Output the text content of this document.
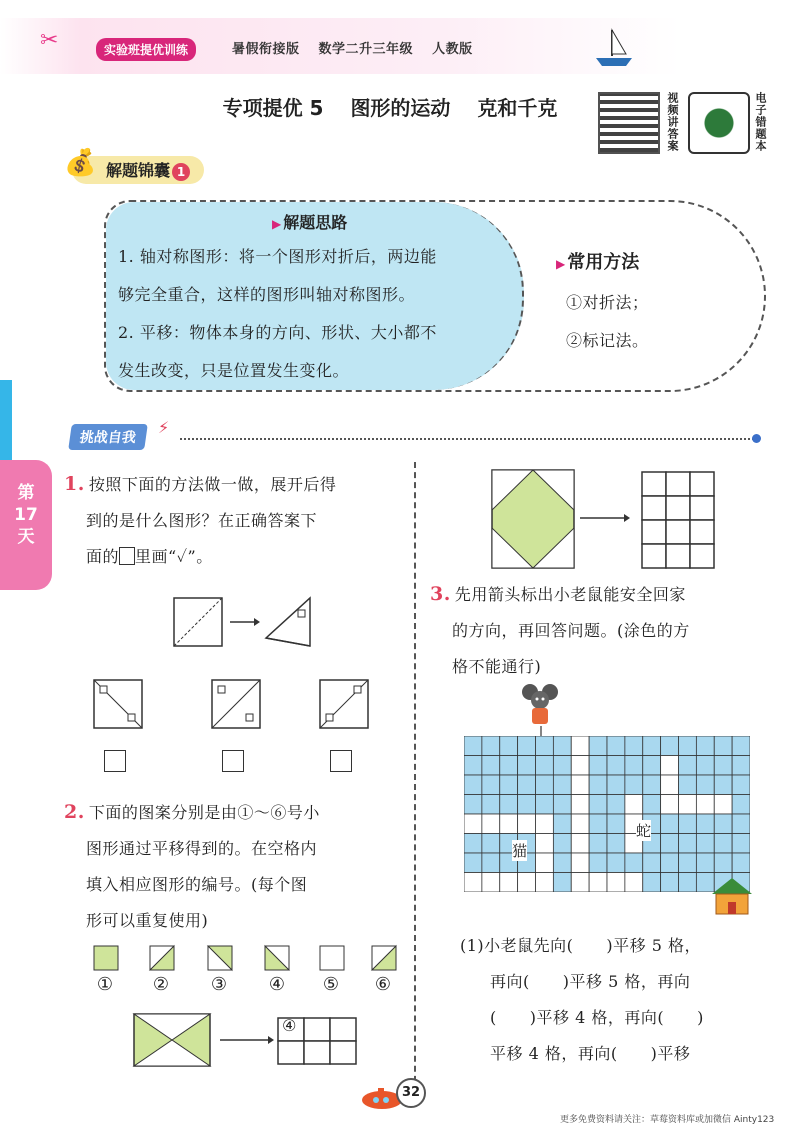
✂	实验班提优训练	暑假衔接版 数学二升三年级 人教版
专项提优 5 图形的运动 克和千克	视频讲答案	电子错题本
解题锦囊 1
💰
▶ 解题思路
1. 轴对称图形：将一个图形对折后，两边能
够完全重合，这样的图形叫轴对称图形。
2. 平移：物体本身的方向、形状、大小都不
发生改变，只是位置发生变化。
▶ 常用方法
①对折法；
②标记法。
挑战自我
⚡
第
17
天
1. 按照下面的方法做一做，展开后得
到的是什么图形？在正确答案下
面的 里画“✓”。
2. 下面的图案分别是由①～⑥号小
图形通过平移得到的。在空格内
填入相应图形的编号。(每个图
形可以重复使用)
①	②	③	④	⑤	⑥
④
3. 先用箭头标出小老鼠能安全回家
的方向，再回答问题。(涂色的方
格不能通行)
猫
蛇
(1)小老鼠先向(　　)平移 5 格，
再向(　　)平移 5 格，再向
(　　)平移 4 格，再向(　　)
平移 4 格，再向(　　)平移
32
更多免费资料请关注：草莓资料库或加微信 Ainty123
